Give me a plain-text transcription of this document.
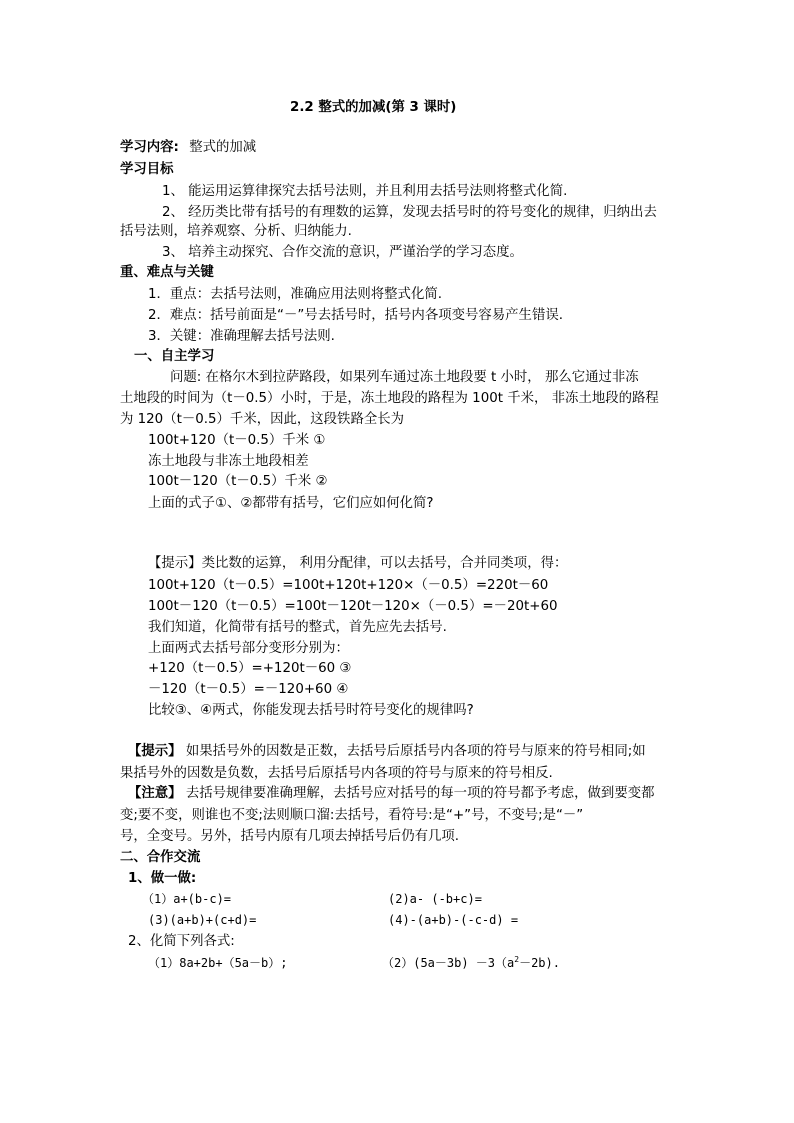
2.2 整式的加减(第 3 课时)
学习内容: 整式的加减
学习目标
1、 能运用运算律探究去括号法则，并且利用去括号法则将整式化简.
2、 经历类比带有括号的有理数的运算，发现去括号时的符号变化的规律，归纳出去
括号法则，培养观察、分析、归纳能力.
3、 培养主动探究、合作交流的意识，严谨治学的学习态度。
重、难点与关键
1．重点：去括号法则，准确应用法则将整式化简.
2．难点：括号前面是“－”号去括号时，括号内各项变号容易产生错误.
3．关键：准确理解去括号法则.
一、自主学习
问题: 在格尔木到拉萨路段，如果列车通过冻土地段要 t 小时， 那么它通过非冻
土地段的时间为（t－0.5）小时，于是，冻土地段的路程为 100t 千米， 非冻土地段的路程
为 120（t－0.5）千米，因此，这段铁路全长为
100t+120（t－0.5）千米 ①
冻土地段与非冻土地段相差
100t－120（t－0.5）千米 ②
上面的式子①、②都带有括号，它们应如何化简?
【提示】类比数的运算， 利用分配律，可以去括号，合并同类项，得：
100t+120（t－0.5）=100t+120t+120×（－0.5）=220t－60
100t－120（t－0.5）=100t－120t－120×（－0.5）=－20t+60
我们知道，化简带有括号的整式，首先应先去括号.
上面两式去括号部分变形分别为：
+120（t－0.5）=+120t－60 ③
－120（t－0.5）=－120+60 ④
比较③、④两式，你能发现去括号时符号变化的规律吗?
【提示】 如果括号外的因数是正数，去括号后原括号内各项的符号与原来的符号相同;如
果括号外的因数是负数，去括号后原括号内各项的符号与原来的符号相反.
【注意】 去括号规律要准确理解，去括号应对括号的每一项的符号都予考虑，做到要变都
变;要不变，则谁也不变;法则顺口溜:去括号，看符号:是“+”号，不变号;是“－”
号，全变号。另外，括号内原有几项去掉括号后仍有几项.
二、合作交流
1、做一做:
（1）a+(b-c)=	(2)a- (-b+c)=
(3)(a+b)+(c+d)=	(4)-(a+b)-(-c-d) =
2、化简下列各式:
（1）8a+2b+（5a－b）;	$(2)(5a-3b) -3(a^2-2b)$.
